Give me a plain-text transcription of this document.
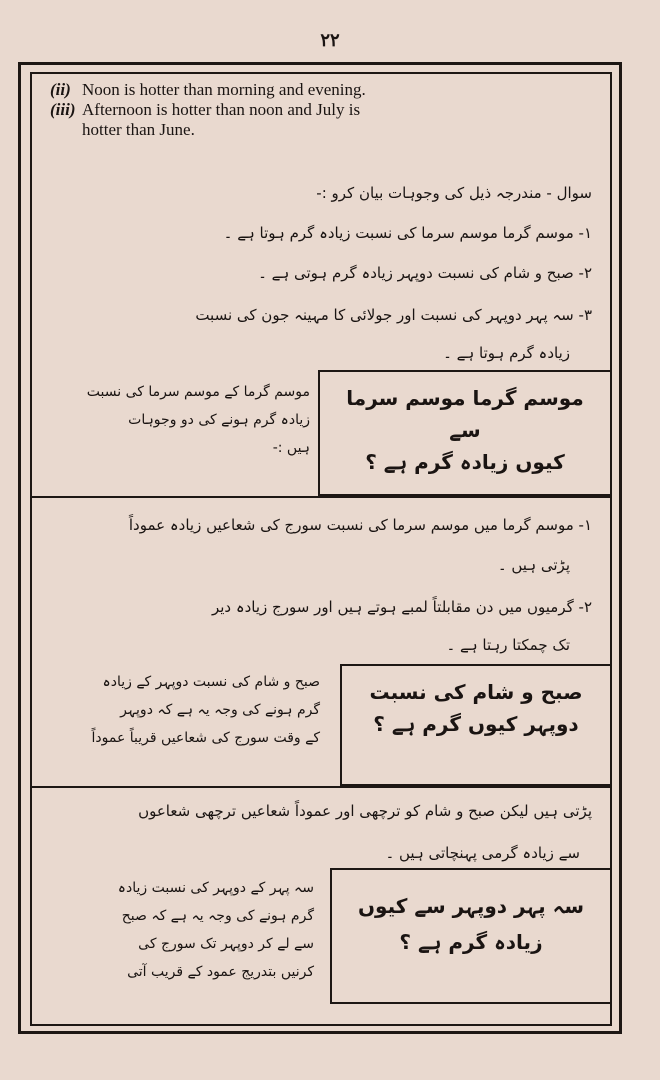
۲۲
(ii) Noon is hotter than morning and evening.
(iii) Afternoon is hotter than noon and July is
hotter than June.
سوال - مندرجہ ذیل کی وجوہات بیان کرو :-
۱- موسم گرما موسم سرما کی نسبت زیادہ گرم ہوتا ہے ۔
۲- صبح و شام کی نسبت دوپہر زیادہ گرم ہوتی ہے ۔
۳- سہ پہر دوپہر کی نسبت اور جولائی کا مہینہ جون کی نسبت
زیادہ گرم ہوتا ہے ۔
موسم گرما موسم سرما سے
کیوں زیادہ گرم ہے ؟
موسم گرما کے موسم سرما کی نسبت
زیادہ گرم ہونے کی دو وجوہات
ہیں :-
۱- موسم گرما میں موسم سرما کی نسبت سورج کی شعاعیں زیادہ عموداً
پڑتی ہیں ۔
۲- گرمیوں میں دن مقابلتاً لمبے ہوتے ہیں اور سورج زیادہ دیر
تک چمکتا رہتا ہے ۔
صبح و شام کی نسبت
دوپہر کیوں گرم ہے ؟
صبح و شام کی نسبت دوپہر کے زیادہ
گرم ہونے کی وجہ یہ ہے کہ دوپہر
کے وقت سورج کی شعاعیں قریباً عموداً
پڑتی ہیں لیکن صبح و شام کو ترچھی اور عموداً شعاعیں ترچھی شعاعوں
سے زیادہ گرمی پہنچاتی ہیں ۔
سہ پہر دوپہر سے کیوں
زیادہ گرم ہے ؟
سہ پہر کے دوپہر کی نسبت زیادہ
گرم ہونے کی وجہ یہ ہے کہ صبح
سے لے کر دوپہر تک سورج کی
کرنیں بتدریج عمود کے قریب آتی
